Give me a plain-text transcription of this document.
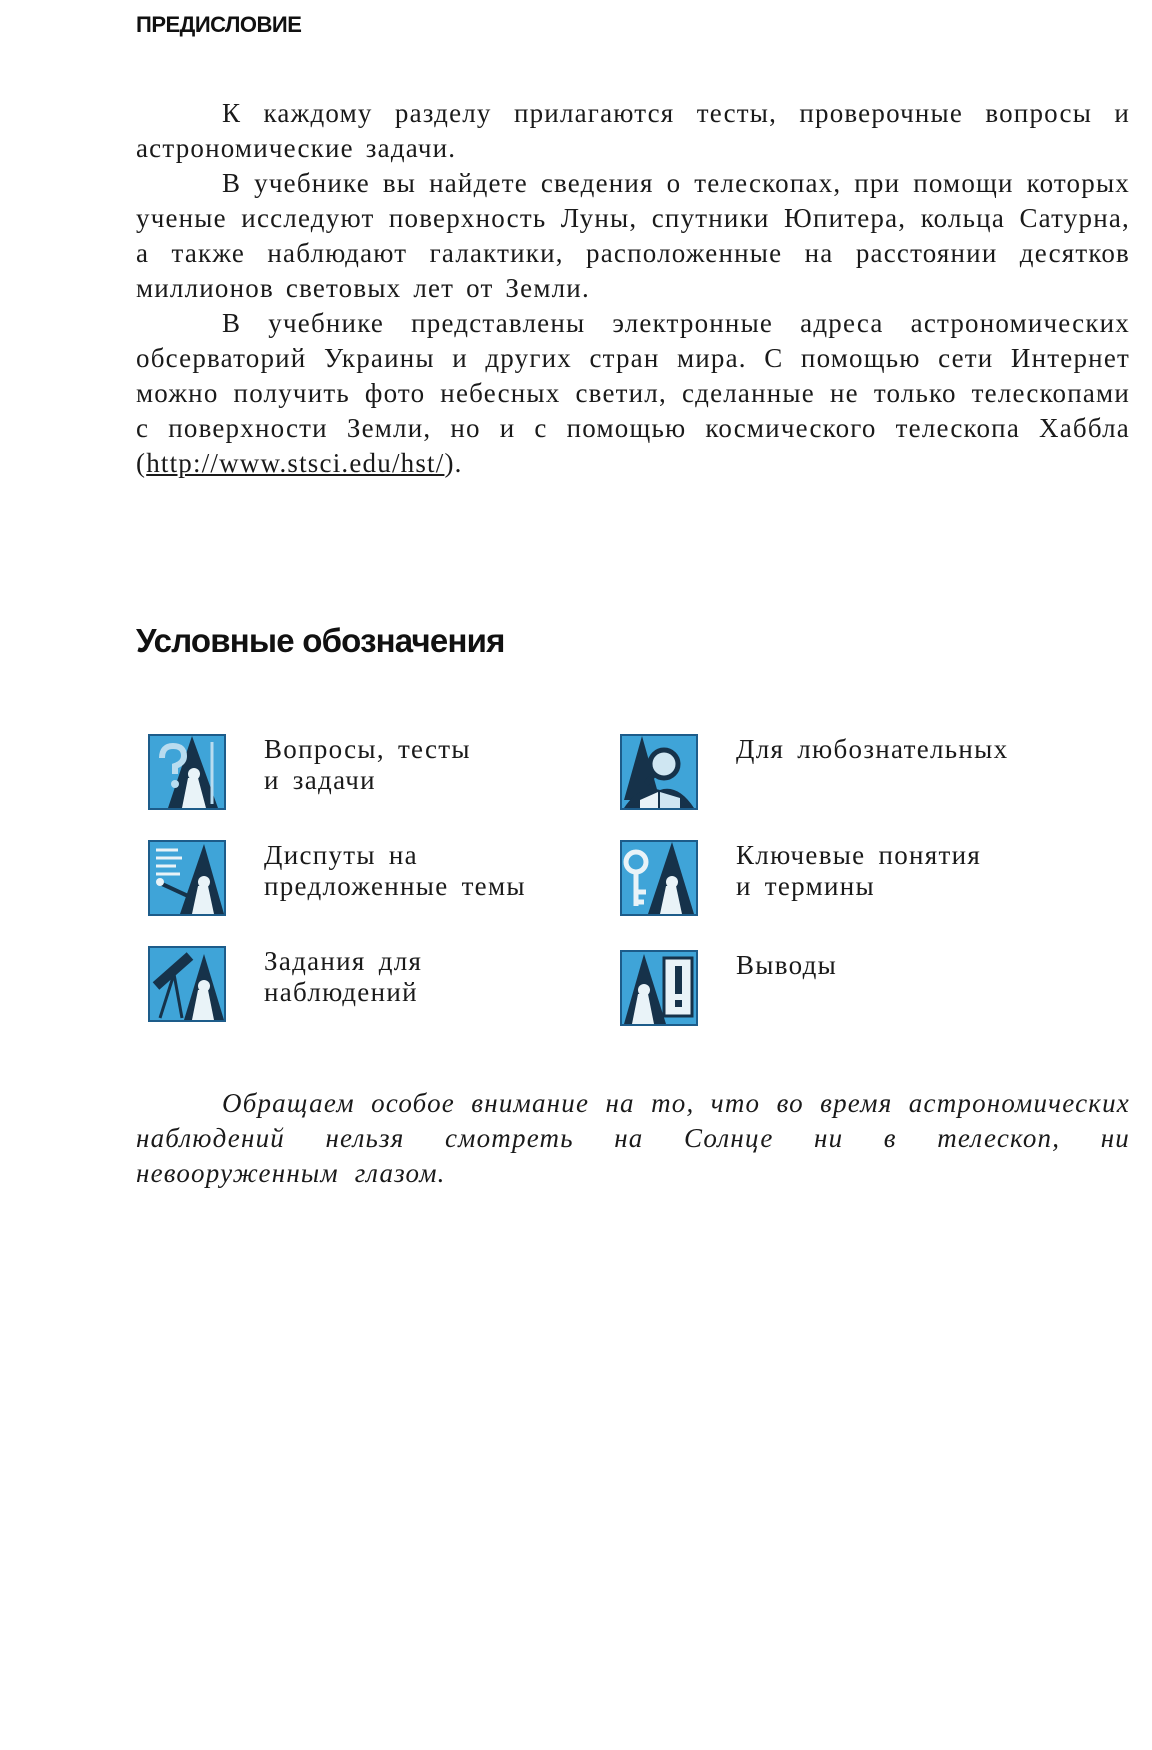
ПРЕДИСЛОВИЕ

К каждому разделу прилагаются тесты, проверочные вопросы и астрономические задачи.

В учебнике вы найдете сведения о телескопах, при помощи которых ученые исследуют поверхность Луны, спутники Юпитера, кольца Сатурна, а также наблюдают галактики, расположенные на расстоянии десятков миллионов световых лет от Земли.

В учебнике представлены электронные адреса астрономических обсерваторий Украины и других стран мира. С помощью сети Интернет можно получить фото небесных светил, сделанные не только телескопами с поверхности Земли, но и с помощью космического телескопа Хаббла (http://www.stsci.edu/hst/).

Условные обозначения
Вопросы, тесты
и задачи
Для любознательных
Диспуты на
предложенные темы
Ключевые понятия
и термины
Задания для
наблюдений
Выводы

Обращаем особое внимание на то, что во время астрономических наблюдений нельзя смотреть на Солнце ни в телескоп, ни невооруженным глазом.
